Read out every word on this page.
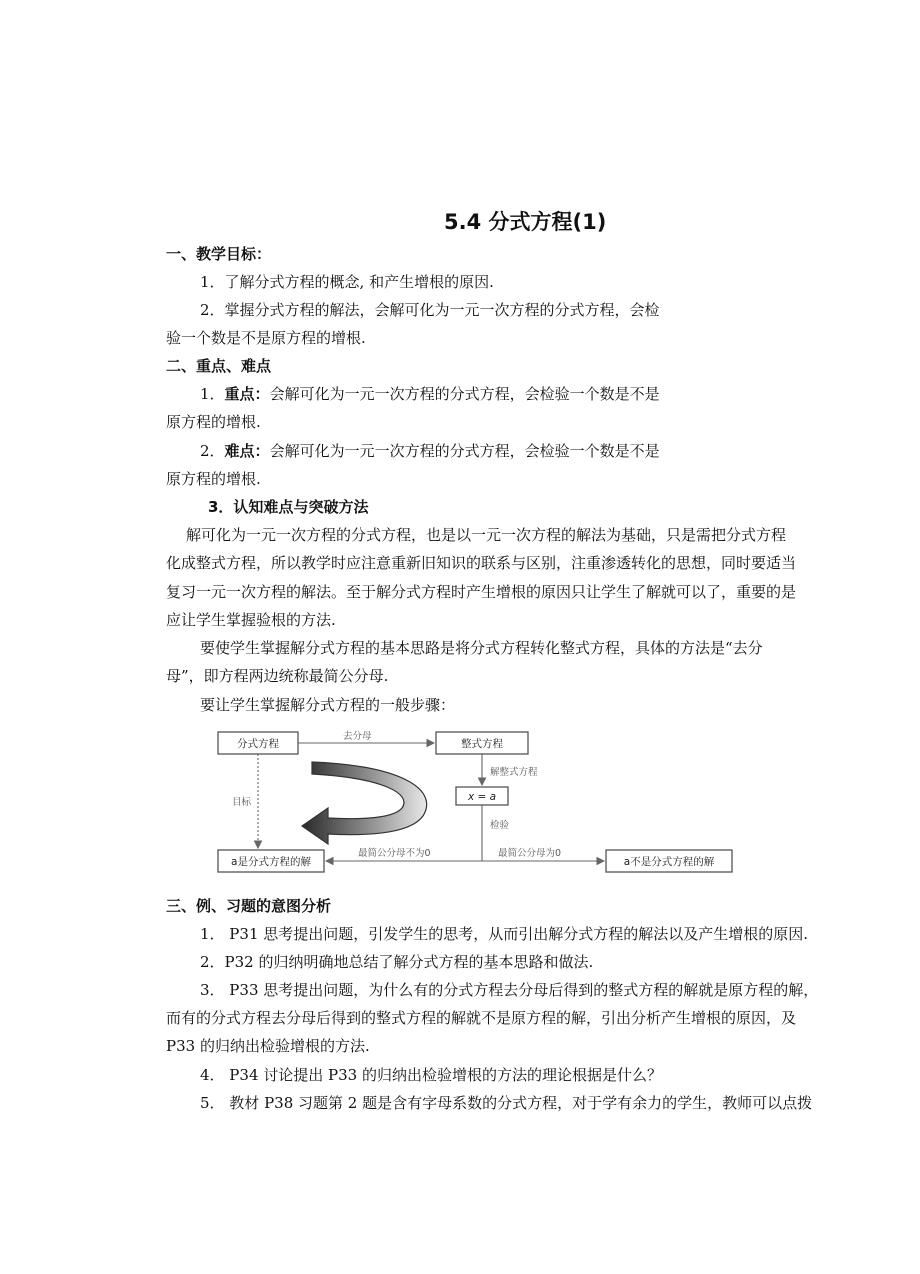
5.4 分式方程(1)
一、教学目标：
1．了解分式方程的概念, 和产生增根的原因.
2．掌握分式方程的解法，会解可化为一元一次方程的分式方程，会检
验一个数是不是原方程的增根.
二、重点、难点
1．重点：会解可化为一元一次方程的分式方程，会检验一个数是不是
原方程的增根.
2．难点：会解可化为一元一次方程的分式方程，会检验一个数是不是
原方程的增根.
3．认知难点与突破方法
解可化为一元一次方程的分式方程，也是以一元一次方程的解法为基础，只是需把分式方程
化成整式方程，所以教学时应注意重新旧知识的联系与区别，注重渗透转化的思想，同时要适当
复习一元一次方程的解法。至于解分式方程时产生增根的原因只让学生了解就可以了，重要的是
应让学生掌握验根的方法.
要使学生掌握解分式方程的基本思路是将分式方程转化整式方程，具体的方法是“去分
母”，即方程两边统称最简公分母.
要让学生掌握解分式方程的一般步骤：
分式方程	整式方程
x = a
a是分式方程的解	a不是分式方程的解
去分母
解整式方程
目标
检验
最简公分母不为0	最简公分母为0
三、例、习题的意图分析
1． P31 思考提出问题，引发学生的思考，从而引出解分式方程的解法以及产生增根的原因.
2．P32 的归纳明确地总结了解分式方程的基本思路和做法.
3． P33 思考提出问题，为什么有的分式方程去分母后得到的整式方程的解就是原方程的解，
而有的分式方程去分母后得到的整式方程的解就不是原方程的解，引出分析产生增根的原因，及
P33 的归纳出检验增根的方法.
4． P34 讨论提出 P33 的归纳出检验增根的方法的理论根据是什么？
5． 教材 P38 习题第 2 题是含有字母系数的分式方程，对于学有余力的学生，教师可以点拨
